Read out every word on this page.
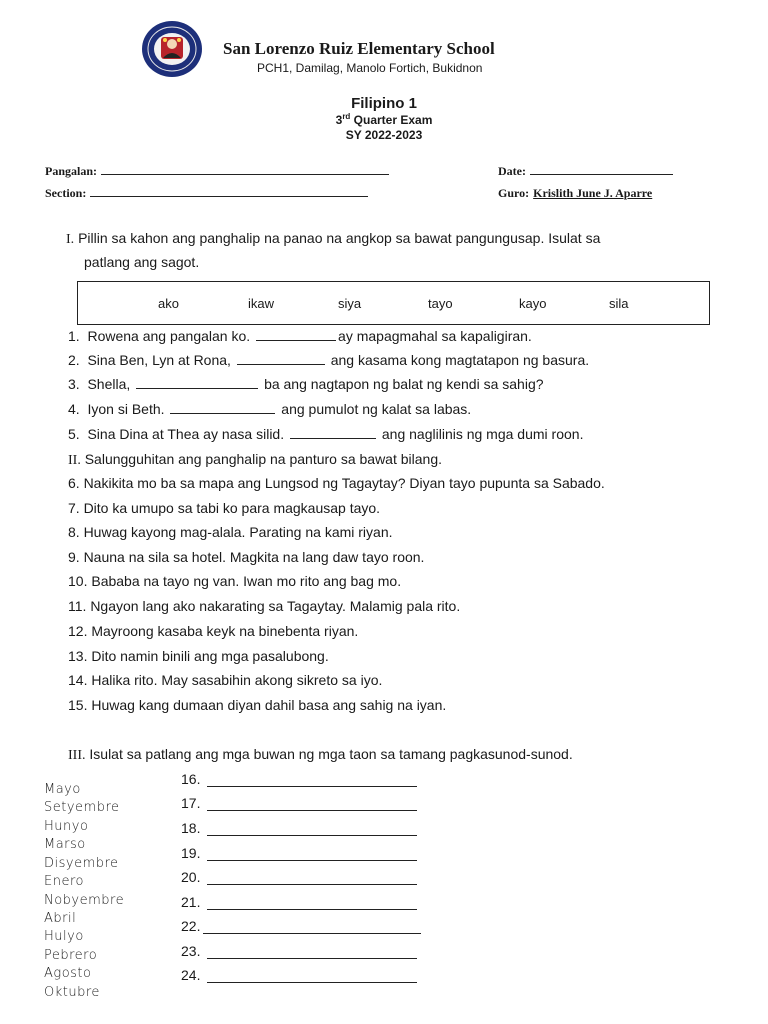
San Lorenzo Ruiz Elementary School
PCH1, Damilag, Manolo Fortich, Bukidnon
Filipino 1
3rd Quarter Exam
SY 2022-2023
Pangalan:
Section:
Date:
Guro: Krislith June J. Aparre
I. Pillin sa kahon ang panghalip na panao na angkop sa bawat pangungusap. Isulat sa
patlang ang sagot.
ako	ikaw	siya	tayo	kayo	sila
1. Rowena ang pangalan ko.	ay mapagmahal sa kapaligiran.
2. Sina Ben, Lyn at Rona,	ang kasama kong magtatapon ng basura.
3. Shella,	ba ang nagtapon ng balat ng kendi sa sahig?
4. Iyon si Beth.	ang pumulot ng kalat sa labas.
5. Sina Dina at Thea ay nasa silid.	ang naglilinis ng mga dumi roon.
II. Salungguhitan ang panghalip na panturo sa bawat bilang.
6. Nakikita mo ba sa mapa ang Lungsod ng Tagaytay? Diyan tayo pupunta sa Sabado.
7. Dito ka umupo sa tabi ko para magkausap tayo.
8. Huwag kayong mag-alala. Parating na kami riyan.
9. Nauna na sila sa hotel. Magkita na lang daw tayo roon.
10. Bababa na tayo ng van. Iwan mo rito ang bag mo.
11. Ngayon lang ako nakarating sa Tagaytay. Malamig pala rito.
12. Mayroong kasaba keyk na binebenta riyan.
13. Dito namin binili ang mga pasalubong.
14. Halika rito. May sasabihin akong sikreto sa iyo.
15. Huwag kang dumaan diyan dahil basa ang sahig na iyan.
III. Isulat sa patlang ang mga buwan ng mga taon sa tamang pagkasunod-sunod.
Mayo
Setyembre
Hunyo
Marso
Disyembre
Enero
Nobyembre
Abril
Hulyo
Pebrero
Agosto
Oktubre
16.
17.
18.
19.
20.
21.
22.
23.
24.
